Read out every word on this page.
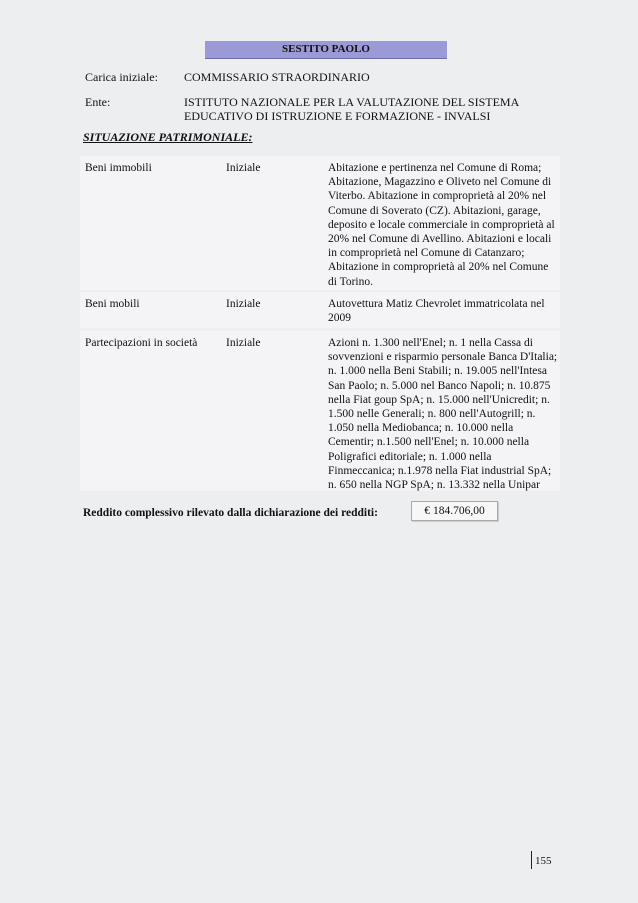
SESTITO PAOLO
Carica iniziale: COMMISSARIO STRAORDINARIO
Ente:	ISTITUTO NAZIONALE PER LA VALUTAZIONE DEL SISTEMA
EDUCATIVO DI ISTRUZIONE E FORMAZIONE - INVALSI
SITUAZIONE PATRIMONIALE:
Beni immobili	Iniziale	Abitazione e pertinenza nel Comune di Roma;
Abitazione, Magazzino e Oliveto nel Comune di
Viterbo. Abitazione in comproprietà al 20% nel
Comune di Soverato (CZ). Abitazioni, garage,
deposito e locale commerciale in comproprietà al
20% nel Comune di Avellino. Abitazioni e locali
in comproprietà nel Comune di Catanzaro;
Abitazione in comproprietà al 20% nel Comune
di Torino.
Beni mobili	Iniziale	Autovettura Matiz Chevrolet immatricolata nel
2009
Partecipazioni in società Iniziale	Azioni n. 1.300 nell'Enel; n. 1 nella Cassa di
sovvenzioni e risparmio personale Banca D'Italia;
n. 1.000 nella Beni Stabili; n. 19.005 nell'Intesa
San Paolo; n. 5.000 nel Banco Napoli; n. 10.875
nella Fiat goup SpA; n. 15.000 nell'Unicredit; n.
1.500 nelle Generali; n. 800 nell'Autogrill; n.
1.050 nella Mediobanca; n. 10.000 nella
Cementir; n.1.500 nell'Enel; n. 10.000 nella
Poligrafici editoriale; n. 1.000 nella
Finmeccanica; n.1.978 nella Fiat industrial SpA;
n. 650 nella NGP SpA; n. 13.332 nella Unipar
Reddito complessivo rilevato dalla dichiarazione dei redditi:	€ 184.706,00
155
